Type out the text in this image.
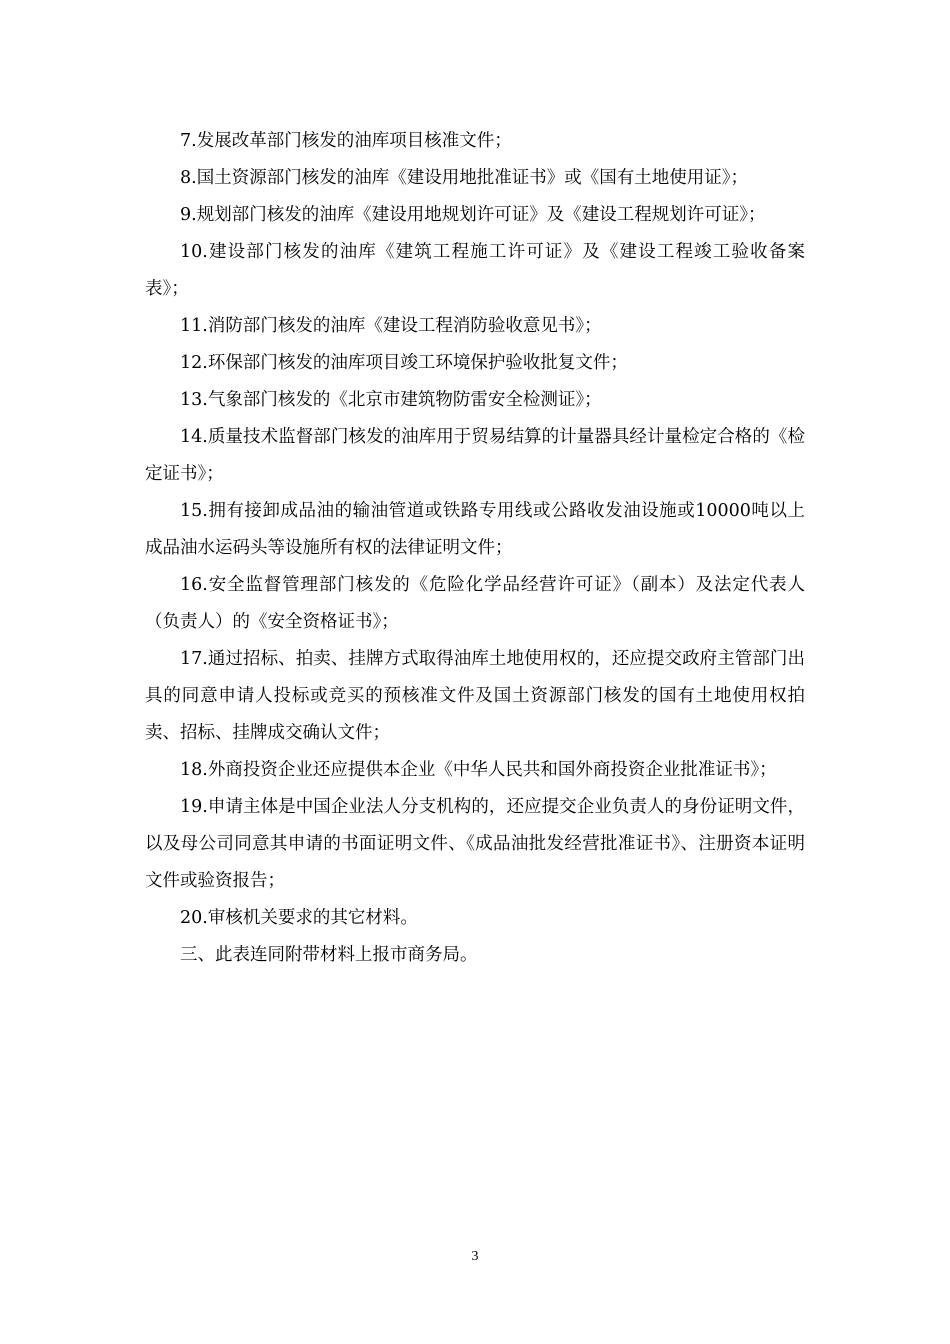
7.发展改革部门核发的油库项目核准文件；

8.国土资源部门核发的油库《建设用地批准证书》或《国有土地使用证》；

9.规划部门核发的油库《建设用地规划许可证》及《建设工程规划许可证》；

10.建设部门核发的油库《建筑工程施工许可证》及《建设工程竣工验收备案表》；

11.消防部门核发的油库《建设工程消防验收意见书》；

12.环保部门核发的油库项目竣工环境保护验收批复文件；

13.气象部门核发的《北京市建筑物防雷安全检测证》；

14.质量技术监督部门核发的油库用于贸易结算的计量器具经计量检定合格的《检定证书》；

15.拥有接卸成品油的输油管道或铁路专用线或公路收发油设施或10000吨以上成品油水运码头等设施所有权的法律证明文件；

16.安全监督管理部门核发的《危险化学品经营许可证》（副本）及法定代表人（负责人）的《安全资格证书》；

17.通过招标、拍卖、挂牌方式取得油库土地使用权的，还应提交政府主管部门出具的同意申请人投标或竞买的预核准文件及国土资源部门核发的国有土地使用权拍卖、招标、挂牌成交确认文件；

18.外商投资企业还应提供本企业《中华人民共和国外商投资企业批准证书》；

19.申请主体是中国企业法人分支机构的，还应提交企业负责人的身份证明文件，以及母公司同意其申请的书面证明文件、《成品油批发经营批准证书》、注册资本证明文件或验资报告；

20.审核机关要求的其它材料。

三、此表连同附带材料上报市商务局。

3
